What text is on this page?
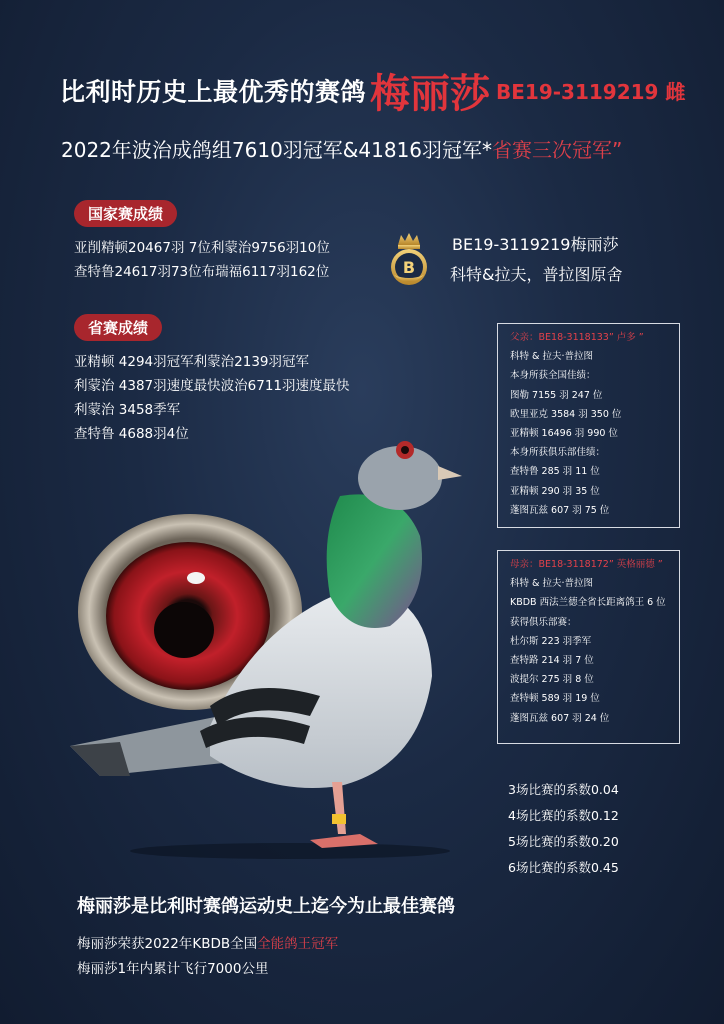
比利时历史上最优秀的赛鸽 梅丽莎 BE19-3119219 雌
2022年波治成鸽组7610羽冠军&41816羽冠军*省赛三次冠军”
国家赛成绩
亚削精顿20467羽 7位利蒙治9756羽10位
查特鲁24617羽73位布瑞福6117羽162位
省赛成绩
亚精顿 4294羽冠军利蒙治2139羽冠军
利蒙治 4387羽速度最快波治6711羽速度最快
利蒙治 3458季军
查特鲁 4688羽4位
B
BE19-3119219梅丽莎
科特&拉夫，普拉图原舍
父亲：BE18-3118133” 卢多 ”
科特 & 拉夫·普拉图
本身所获全国佳绩：
图勒 7155 羽 247 位
欧里亚克 3584 羽 350 位
亚精顿 16496 羽 990 位
本身所获俱乐部佳绩：
查特鲁 285 羽 11 位
亚精顿 290 羽 35 位
蓬图瓦兹 607 羽 75 位
母亲：BE18-3118172” 英格丽德 ”
科特 & 拉夫·普拉图
KBDB 西法兰德全省长距离鸽王 6 位
获得俱乐部赛：
杜尔斯 223 羽季军
查特路 214 羽 7 位
波提尔 275 羽 8 位
查特顿 589 羽 19 位
蓬图瓦兹 607 羽 24 位
3场比赛的系数0.04
4场比赛的系数0.12
5场比赛的系数0.20
6场比赛的系数0.45
梅丽莎是比利时赛鸽运动史上迄今为止最佳赛鸽
梅丽莎荣获2022年KBDB全国全能鸽王冠军
梅丽莎1年内累计飞行7000公里
